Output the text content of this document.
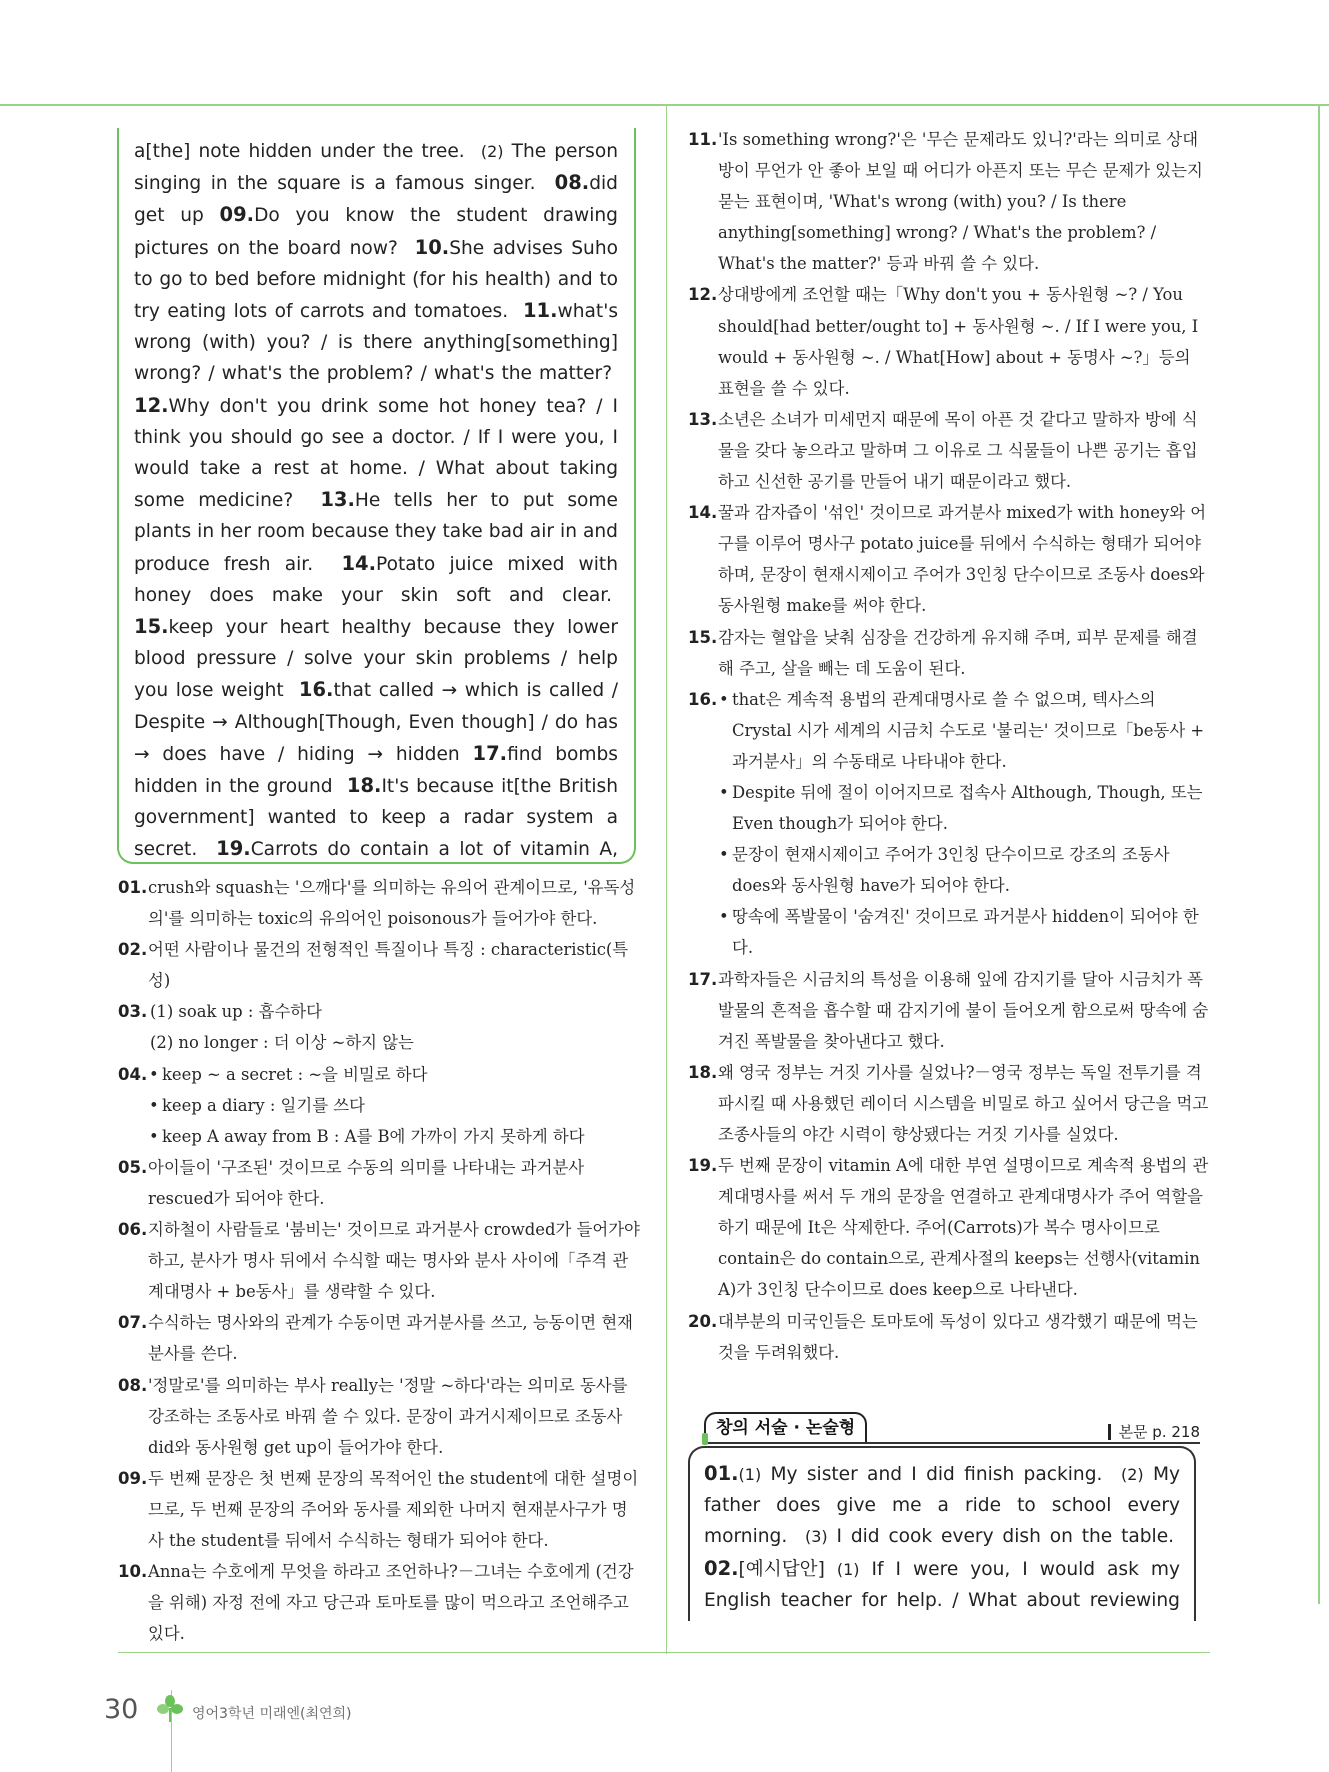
a[the] note hidden under the tree. (2) The person singing in the square is a famous singer. 08.did get up 09.Do you know the student drawing pictures on the board now? 10.She advises Suho to go to bed before midnight (for his health) and to try eating lots of carrots and tomatoes. 11.what's wrong (with) you? / is there anything[something] wrong? / what's the problem? / what's the matter?  12.Why don't you drink some hot honey tea? / I think you should go see a doctor. / If I were you, I would take a rest at home. / What about taking some medicine? 13.He tells her to put some plants in her room because they take bad air in and produce fresh air. 14.Potato juice mixed with honey does make your skin soft and clear.  15.keep your heart healthy because they lower blood pressure / solve your skin problems / help you lose weight 16.that called → which is called / Despite → Although[Though, Even though] / do has → does have / hiding → hidden 17.find bombs hidden in the ground 18.It's because it[the British government] wanted to keep a radar system a secret. 19.Carrots do contain a lot of vitamin A,
01. crush와 squash는 '으깨다'를 의미하는 유의어 관계이므로, '유독성의'를 의미하는 toxic의 유의어인 poisonous가 들어가야 한다.
02. 어떤 사람이나 물건의 전형적인 특질이나 특징 : characteristic(특성)
03. (1) soak up : 흡수하다
(2) no longer : 더 이상 ~하지 않는
04. • keep ~ a secret : ~을 비밀로 하다
• keep a diary : 일기를 쓰다
• keep A away from B : A를 B에 가까이 가지 못하게 하다
05. 아이들이 '구조된' 것이므로 수동의 의미를 나타내는 과거분사 rescued가 되어야 한다.
06. 지하철이 사람들로 '붐비는' 것이므로 과거분사 crowded가 들어가야 하고, 분사가 명사 뒤에서 수식할 때는 명사와 분사 사이에「주격 관계대명사 + be동사」를 생략할 수 있다.
07. 수식하는 명사와의 관계가 수동이면 과거분사를 쓰고, 능동이면 현재분사를 쓴다.
08. '정말로'를 의미하는 부사 really는 '정말 ~하다'라는 의미로 동사를 강조하는 조동사로 바꿔 쓸 수 있다. 문장이 과거시제이므로 조동사 did와 동사원형 get up이 들어가야 한다.
09. 두 번째 문장은 첫 번째 문장의 목적어인 the student에 대한 설명이므로, 두 번째 문장의 주어와 동사를 제외한 나머지 현재분사구가 명사 the student를 뒤에서 수식하는 형태가 되어야 한다.
10. Anna는 수호에게 무엇을 하라고 조언하나?－그녀는 수호에게 (건강을 위해) 자정 전에 자고 당근과 토마토를 많이 먹으라고 조언해주고 있다.
11. 'Is something wrong?'은 '무슨 문제라도 있니?'라는 의미로 상대방이 무언가 안 좋아 보일 때 어디가 아픈지 또는 무슨 문제가 있는지 묻는 표현이며, 'What's wrong (with) you? / Is there anything[something] wrong? / What's the problem? / What's the matter?' 등과 바꿔 쓸 수 있다.
12. 상대방에게 조언할 때는「Why don't you + 동사원형 ~? / You should[had better/ought to] + 동사원형 ~. / If I were you, I would + 동사원형 ~. / What[How] about + 동명사 ~?」등의 표현을 쓸 수 있다.
13. 소년은 소녀가 미세먼지 때문에 목이 아픈 것 같다고 말하자 방에 식물을 갖다 놓으라고 말하며 그 이유로 그 식물들이 나쁜 공기는 흡입하고 신선한 공기를 만들어 내기 때문이라고 했다.
14. 꿀과 감자즙이 '섞인' 것이므로 과거분사 mixed가 with honey와 어구를 이루어 명사구 potato juice를 뒤에서 수식하는 형태가 되어야 하며, 문장이 현재시제이고 주어가 3인칭 단수이므로 조동사 does와 동사원형 make를 써야 한다.
15. 감자는 혈압을 낮춰 심장을 건강하게 유지해 주며, 피부 문제를 해결해 주고, 살을 빼는 데 도움이 된다.
16. • that은 계속적 용법의 관계대명사로 쓸 수 없으며, 텍사스의 Crystal 시가 세계의 시금치 수도로 '불리는' 것이므로「be동사 + 과거분사」의 수동태로 나타내야 한다.
• Despite 뒤에 절이 이어지므로 접속사 Although, Though, 또는 Even though가 되어야 한다.
• 문장이 현재시제이고 주어가 3인칭 단수이므로 강조의 조동사 does와 동사원형 have가 되어야 한다.
• 땅속에 폭발물이 '숨겨진' 것이므로 과거분사 hidden이 되어야 한다.
17. 과학자들은 시금치의 특성을 이용해 잎에 감지기를 달아 시금치가 폭발물의 흔적을 흡수할 때 감지기에 불이 들어오게 함으로써 땅속에 숨겨진 폭발물을 찾아낸다고 했다.
18. 왜 영국 정부는 거짓 기사를 실었나?－영국 정부는 독일 전투기를 격파시킬 때 사용했던 레이더 시스템을 비밀로 하고 싶어서 당근을 먹고 조종사들의 야간 시력이 향상됐다는 거짓 기사를 실었다.
19. 두 번째 문장이 vitamin A에 대한 부연 설명이므로 계속적 용법의 관계대명사를 써서 두 개의 문장을 연결하고 관계대명사가 주어 역할을 하기 때문에 It은 삭제한다. 주어(Carrots)가 복수 명사이므로 contain은 do contain으로, 관계사절의 keeps는 선행사(vitamin A)가 3인칭 단수이므로 does keep으로 나타낸다.
20. 대부분의 미국인들은 토마토에 독성이 있다고 생각했기 때문에 먹는 것을 두려워했다.
창의 서술 · 논술형	본문 p. 218
01.(1) My sister and I did finish packing. (2) My father does give me a ride to school every morning. (3) I did cook every dish on the table.  02.[예시답안] (1) If I were you, I would ask my English teacher for help. / What about reviewing
30	영어3학년 미래엔(최연희)
